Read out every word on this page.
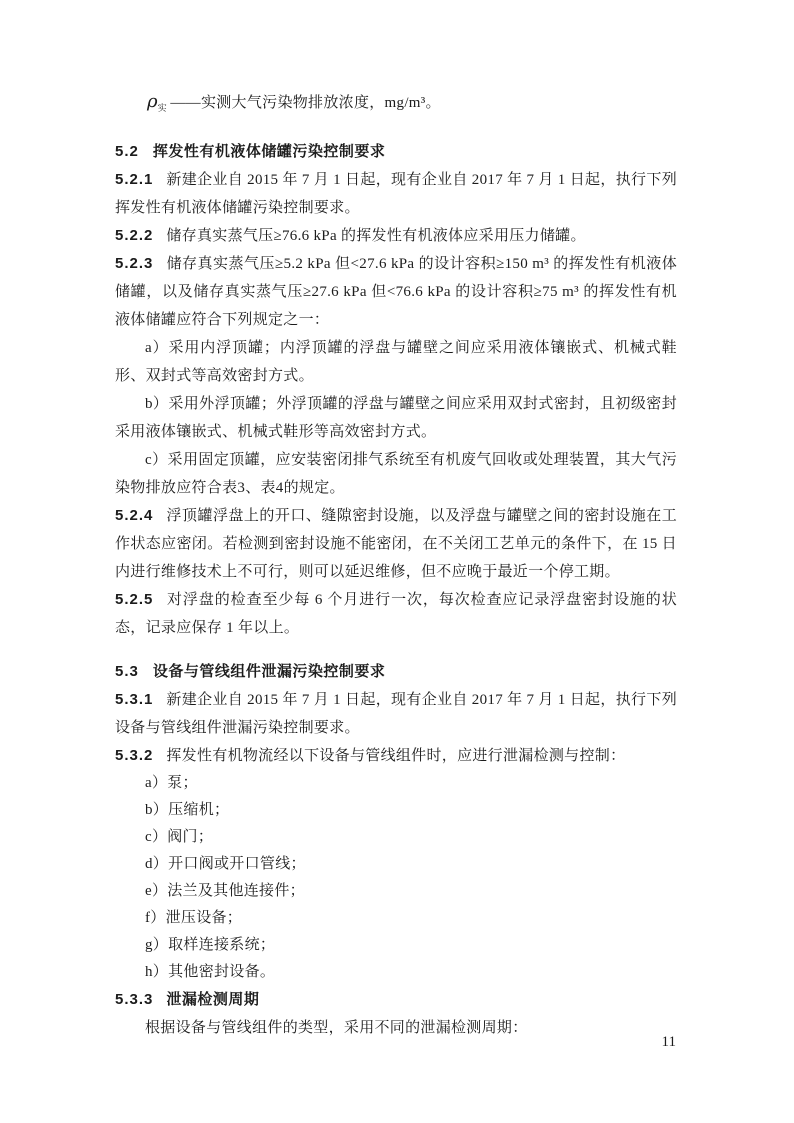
$\rho_实$ ——实测大气污染物排放浓度，mg/m³。

5.2 挥发性有机液体储罐污染控制要求

5.2.1 新建企业自 2015 年 7 月 1 日起，现有企业自 2017 年 7 月 1 日起，执行下列挥发性有机液体储罐污染控制要求。

5.2.2 储存真实蒸气压≥76.6 kPa 的挥发性有机液体应采用压力储罐。

5.2.3 储存真实蒸气压≥5.2 kPa 但<27.6 kPa 的设计容积≥150 m³ 的挥发性有机液体储罐，以及储存真实蒸气压≥27.6 kPa 但<76.6 kPa 的设计容积≥75 m³ 的挥发性有机液体储罐应符合下列规定之一：

a）采用内浮顶罐；内浮顶罐的浮盘与罐壁之间应采用液体镶嵌式、机械式鞋形、双封式等高效密封方式。

b）采用外浮顶罐；外浮顶罐的浮盘与罐壁之间应采用双封式密封，且初级密封采用液体镶嵌式、机械式鞋形等高效密封方式。

c）采用固定顶罐，应安装密闭排气系统至有机废气回收或处理装置，其大气污染物排放应符合表3、表4的规定。

5.2.4 浮顶罐浮盘上的开口、缝隙密封设施，以及浮盘与罐壁之间的密封设施在工作状态应密闭。若检测到密封设施不能密闭，在不关闭工艺单元的条件下，在 15 日内进行维修技术上不可行，则可以延迟维修，但不应晚于最近一个停工期。

5.2.5 对浮盘的检查至少每 6 个月进行一次，每次检查应记录浮盘密封设施的状态，记录应保存 1 年以上。

5.3 设备与管线组件泄漏污染控制要求

5.3.1 新建企业自 2015 年 7 月 1 日起，现有企业自 2017 年 7 月 1 日起，执行下列设备与管线组件泄漏污染控制要求。

5.3.2 挥发性有机物流经以下设备与管线组件时，应进行泄漏检测与控制：

a）泵；

b）压缩机；

c）阀门；

d）开口阀或开口管线；

e）法兰及其他连接件；

f）泄压设备；

g）取样连接系统；

h）其他密封设备。

5.3.3 泄漏检测周期

根据设备与管线组件的类型，采用不同的泄漏检测周期：

11
